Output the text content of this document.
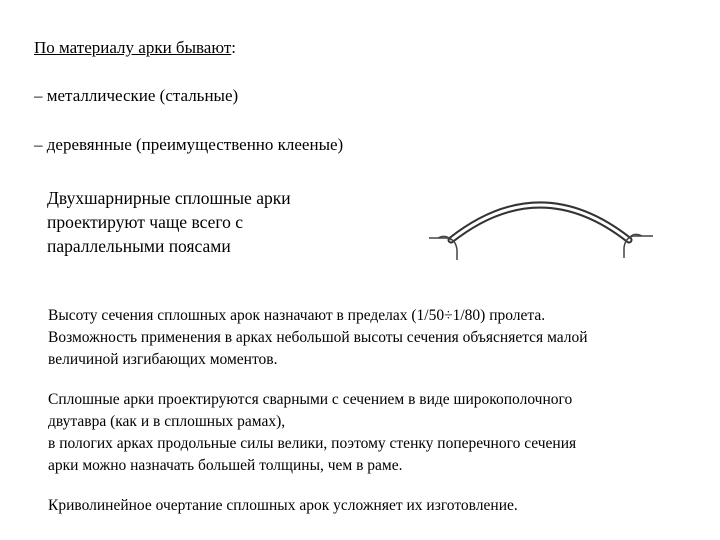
По материалу арки бывают:
– металлические (стальные)
– деревянные (преимущественно клееные)
Двухшарнирные сплошные арки
проектируют чаще всего с
параллельными поясами
Высоту сечения сплошных арок назначают в пределах (1/50÷1/80) пролета.
Возможность применения в арках небольшой высоты сечения объясняется малой
величиной изгибающих моментов.
Сплошные арки проектируются сварными с сечением в виде широкополочного
двутавра (как и в сплошных рамах),
в пологих арках продольные силы велики, поэтому стенку поперечного сечения
арки можно назначать большей толщины, чем в раме.
Криволинейное очертание сплошных арок усложняет их изготовление.
